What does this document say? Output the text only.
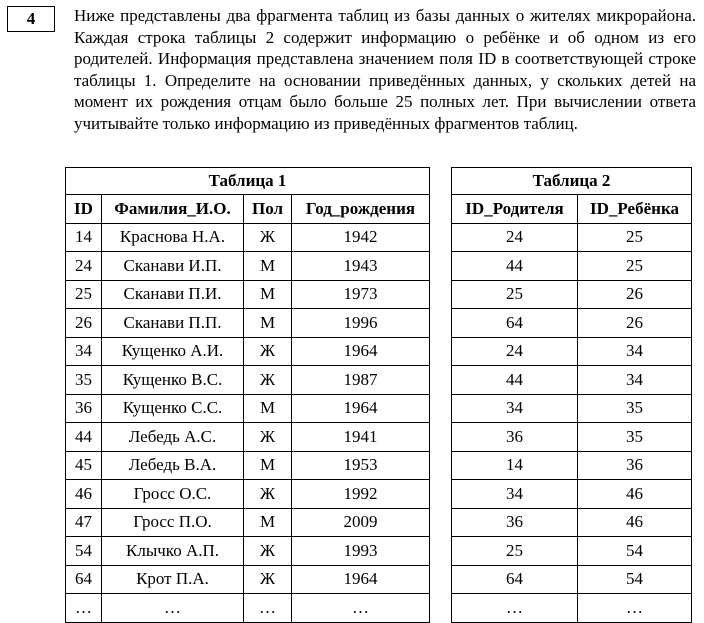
4	Ниже представлены два фрагмента таблиц из базы данных о жителях микрорайона. Каждая строка таблицы 2 содержит информацию о ребёнке и об одном из его родителей. Информация представлена значением поля ID в соответствующей строке таблицы 1. Определите на основании приведённых данных, у скольких детей на момент их рождения отцам было больше 25 полных лет. При вычислении ответа учитывайте только информацию из приведённых фрагментов таблиц.

Таблица 1			
ID	Фамилия_И.О.	Пол	Год_рождения
14	Краснова Н.А.	Ж	1942
24	Сканави И.П.	М	1943
25	Сканави П.И.	М	1973
26	Сканави П.П.	М	1996
34	Кущенко А.И.	Ж	1964
35	Кущенко В.С.	Ж	1987
36	Кущенко С.С.	М	1964
44	Лебедь А.С.	Ж	1941
45	Лебедь В.А.	М	1953
46	Гросс О.С.	Ж	1992
47	Гросс П.О.	М	2009
54	Клычко А.П.	Ж	1993
64	Крот П.А.	Ж	1964
…	…	…	…
Таблица 2	
ID_Родителя	ID_Ребёнка
24	25
44	25
25	26
64	26
24	34
44	34
34	35
36	35
14	36
34	46
36	46
25	54
64	54
…	…
